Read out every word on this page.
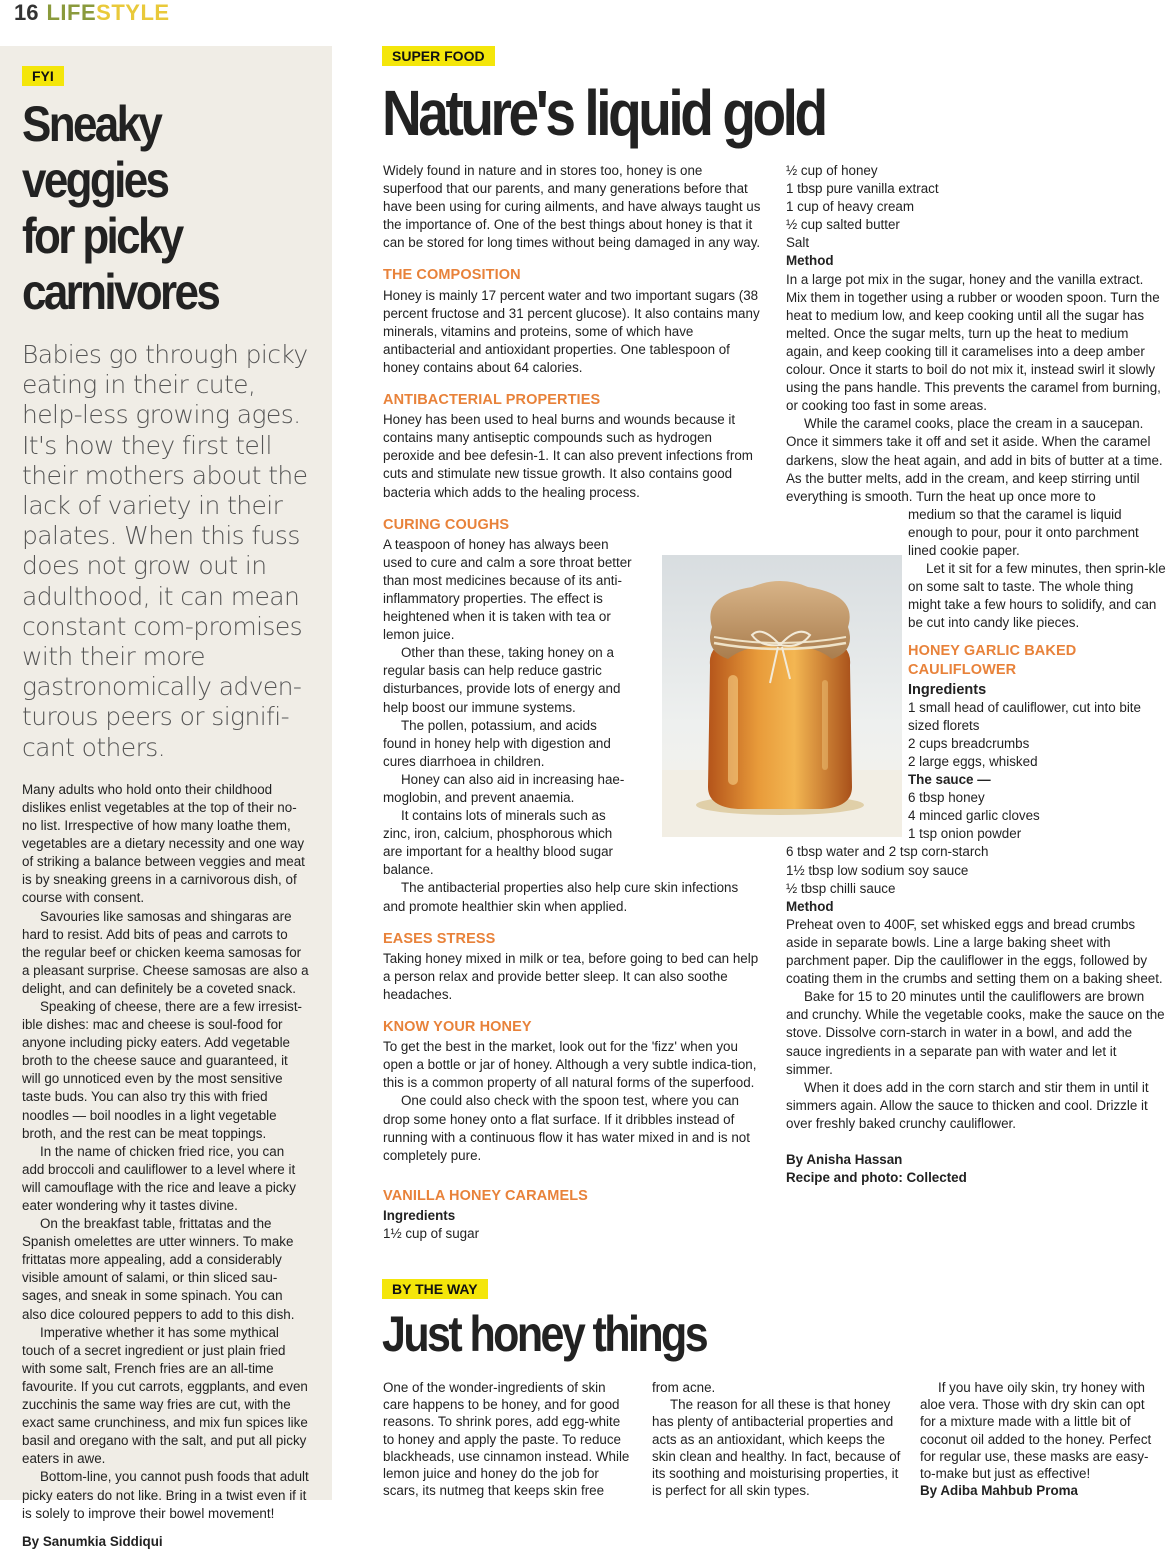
16 LIFESTYLE
FYI
Sneaky veggies
for picky
carnivores
Babies go through picky eating in their cute, help-less growing ages. It's how they first tell their mothers about the lack of variety in their palates. When this fuss does not grow out in adulthood, it can mean constant com-promises with their more gastronomically adven-turous peers or signifi-cant others.

Many adults who hold onto their childhood dislikes enlist vegetables at the top of their no-no list. Irrespective of how many loathe them, vegetables are a dietary necessity and one way of striking a balance between veggies and meat is by sneaking greens in a carnivorous dish, of course with consent.

Savouries like samosas and shingaras are hard to resist. Add bits of peas and carrots to the regular beef or chicken keema samosas for a pleasant surprise. Cheese samosas are also a delight, and can definitely be a coveted snack.

Speaking of cheese, there are a few irresist-ible dishes: mac and cheese is soul-food for anyone including picky eaters. Add vegetable broth to the cheese sauce and guaranteed, it will go unnoticed even by the most sensitive taste buds. You can also try this with fried noodles — boil noodles in a light vegetable broth, and the rest can be meat toppings.

In the name of chicken fried rice, you can add broccoli and cauliflower to a level where it will camouflage with the rice and leave a picky eater wondering why it tastes divine.

On the breakfast table, frittatas and the Spanish omelettes are utter winners. To make frittatas more appealing, add a considerably visible amount of salami, or thin sliced sau-sages, and sneak in some spinach. You can also dice coloured peppers to add to this dish.

Imperative whether it has some mythical touch of a secret ingredient or just plain fried with some salt, French fries are an all-time favourite. If you cut carrots, eggplants, and even zucchinis the same way fries are cut, with the exact same crunchiness, and mix fun spices like basil and oregano with the salt, and put all picky eaters in awe.

Bottom-line, you cannot push foods that adult picky eaters do not like. Bring in a twist even if it is solely to improve their bowel movement!

By Sanumkia Siddiqui
SUPER FOOD
Nature's liquid gold

Widely found in nature and in stores too, honey is one superfood that our parents, and many generations before that have been using for curing ailments, and have always taught us the importance of. One of the best things about honey is that it can be stored for long times without being damaged in any way.

THE COMPOSITION

Honey is mainly 17 percent water and two important sugars (38 percent fructose and 31 percent glucose). It also contains many minerals, vitamins and proteins, some of which have antibacterial and antioxidant properties. One tablespoon of honey contains about 64 calories.

ANTIBACTERIAL PROPERTIES

Honey has been used to heal burns and wounds because it contains many antiseptic compounds such as hydrogen peroxide and bee defesin-1. It can also prevent infections from cuts and stimulate new tissue growth. It also contains good bacteria which adds to the healing process.

CURING COUGHS

A teaspoon of honey has always been used to cure and calm a sore throat better than most medicines because of its anti-inflammatory properties. The effect is heightened when it is taken with tea or lemon juice.

Other than these, taking honey on a regular basis can help reduce gastric disturbances, provide lots of energy and help boost our immune systems.

The pollen, potassium, and acids found in honey help with digestion and cures diarrhoea in children.

Honey can also aid in increasing hae-moglobin, and prevent anaemia.

It contains lots of minerals such as zinc, iron, calcium, phosphorous which are important for a healthy blood sugar balance.

The antibacterial properties also help cure skin infections and promote healthier skin when applied.

EASES STRESS

Taking honey mixed in milk or tea, before going to bed can help a person relax and provide better sleep. It can also soothe headaches.

KNOW YOUR HONEY

To get the best in the market, look out for the 'fizz' when you open a bottle or jar of honey. Although a very subtle indica-tion, this is a common property of all natural forms of the superfood.

One could also check with the spoon test, where you can drop some honey onto a flat surface. If it dribbles instead of running with a continuous flow it has water mixed in and is not completely pure.

VANILLA HONEY CARAMELS
Ingredients
1½ cup of sugar
½ cup of honey
1 tbsp pure vanilla extract
1 cup of heavy cream
½ cup salted butter
Salt
Method

In a large pot mix in the sugar, honey and the vanilla extract. Mix them in together using a rubber or wooden spoon. Turn the heat to medium low, and keep cooking until all the sugar has melted. Once the sugar melts, turn up the heat to medium again, and keep cooking till it caramelises into a deep amber colour. Once it starts to boil do not mix it, instead swirl it slowly using the pans handle. This prevents the caramel from burning, or cooking too fast in some areas.

While the caramel cooks, place the cream in a saucepan. Once it simmers take it off and set it aside. When the caramel darkens, slow the heat again, and add in bits of butter at a time. As the butter melts, add in the cream, and keep stirring until everything is smooth. Turn the heat up once more to

medium so that the caramel is liquid enough to pour, pour it onto parchment lined cookie paper.

Let it sit for a few minutes, then sprin-kle on some salt to taste. The whole thing might take a few hours to solidify, and can be cut into candy like pieces.

HONEY GARLIC BAKED CAULIFLOWER
Ingredients
1 small head of cauliflower, cut into bite sized florets
2 cups breadcrumbs
2 large eggs, whisked
The sauce —
6 tbsp honey
4 minced garlic cloves
1 tsp onion powder
6 tbsp water and 2 tsp corn-starch
1½ tbsp low sodium soy sauce
½ tbsp chilli sauce
Method

Preheat oven to 400F, set whisked eggs and bread crumbs aside in separate bowls. Line a large baking sheet with parchment paper. Dip the cauliflower in the eggs, followed by coating them in the crumbs and setting them on a baking sheet.

Bake for 15 to 20 minutes until the cauliflowers are brown and crunchy. While the vegetable cooks, make the sauce on the stove. Dissolve corn-starch in water in a bowl, and add the sauce ingredients in a separate pan with water and let it simmer.

When it does add in the corn starch and stir them in until it simmers again. Allow the sauce to thicken and cool. Drizzle it over freshly baked crunchy cauliflower.

By Anisha Hassan
Recipe and photo: Collected
BY THE WAY
Just honey things

One of the wonder-ingredients of skin care happens to be honey, and for good reasons. To shrink pores, add egg-white to honey and apply the paste. To reduce blackheads, use cinnamon instead. While lemon juice and honey do the job for scars, its nutmeg that keeps skin free

from acne.

The reason for all these is that honey has plenty of antibacterial properties and acts as an antioxidant, which keeps the skin clean and healthy. In fact, because of its soothing and moisturising properties, it is perfect for all skin types.

If you have oily skin, try honey with aloe vera. Those with dry skin can opt for a mixture made with a little bit of coconut oil added to the honey. Perfect for regular use, these masks are easy-to-make but just as effective!

By Adiba Mahbub Proma
